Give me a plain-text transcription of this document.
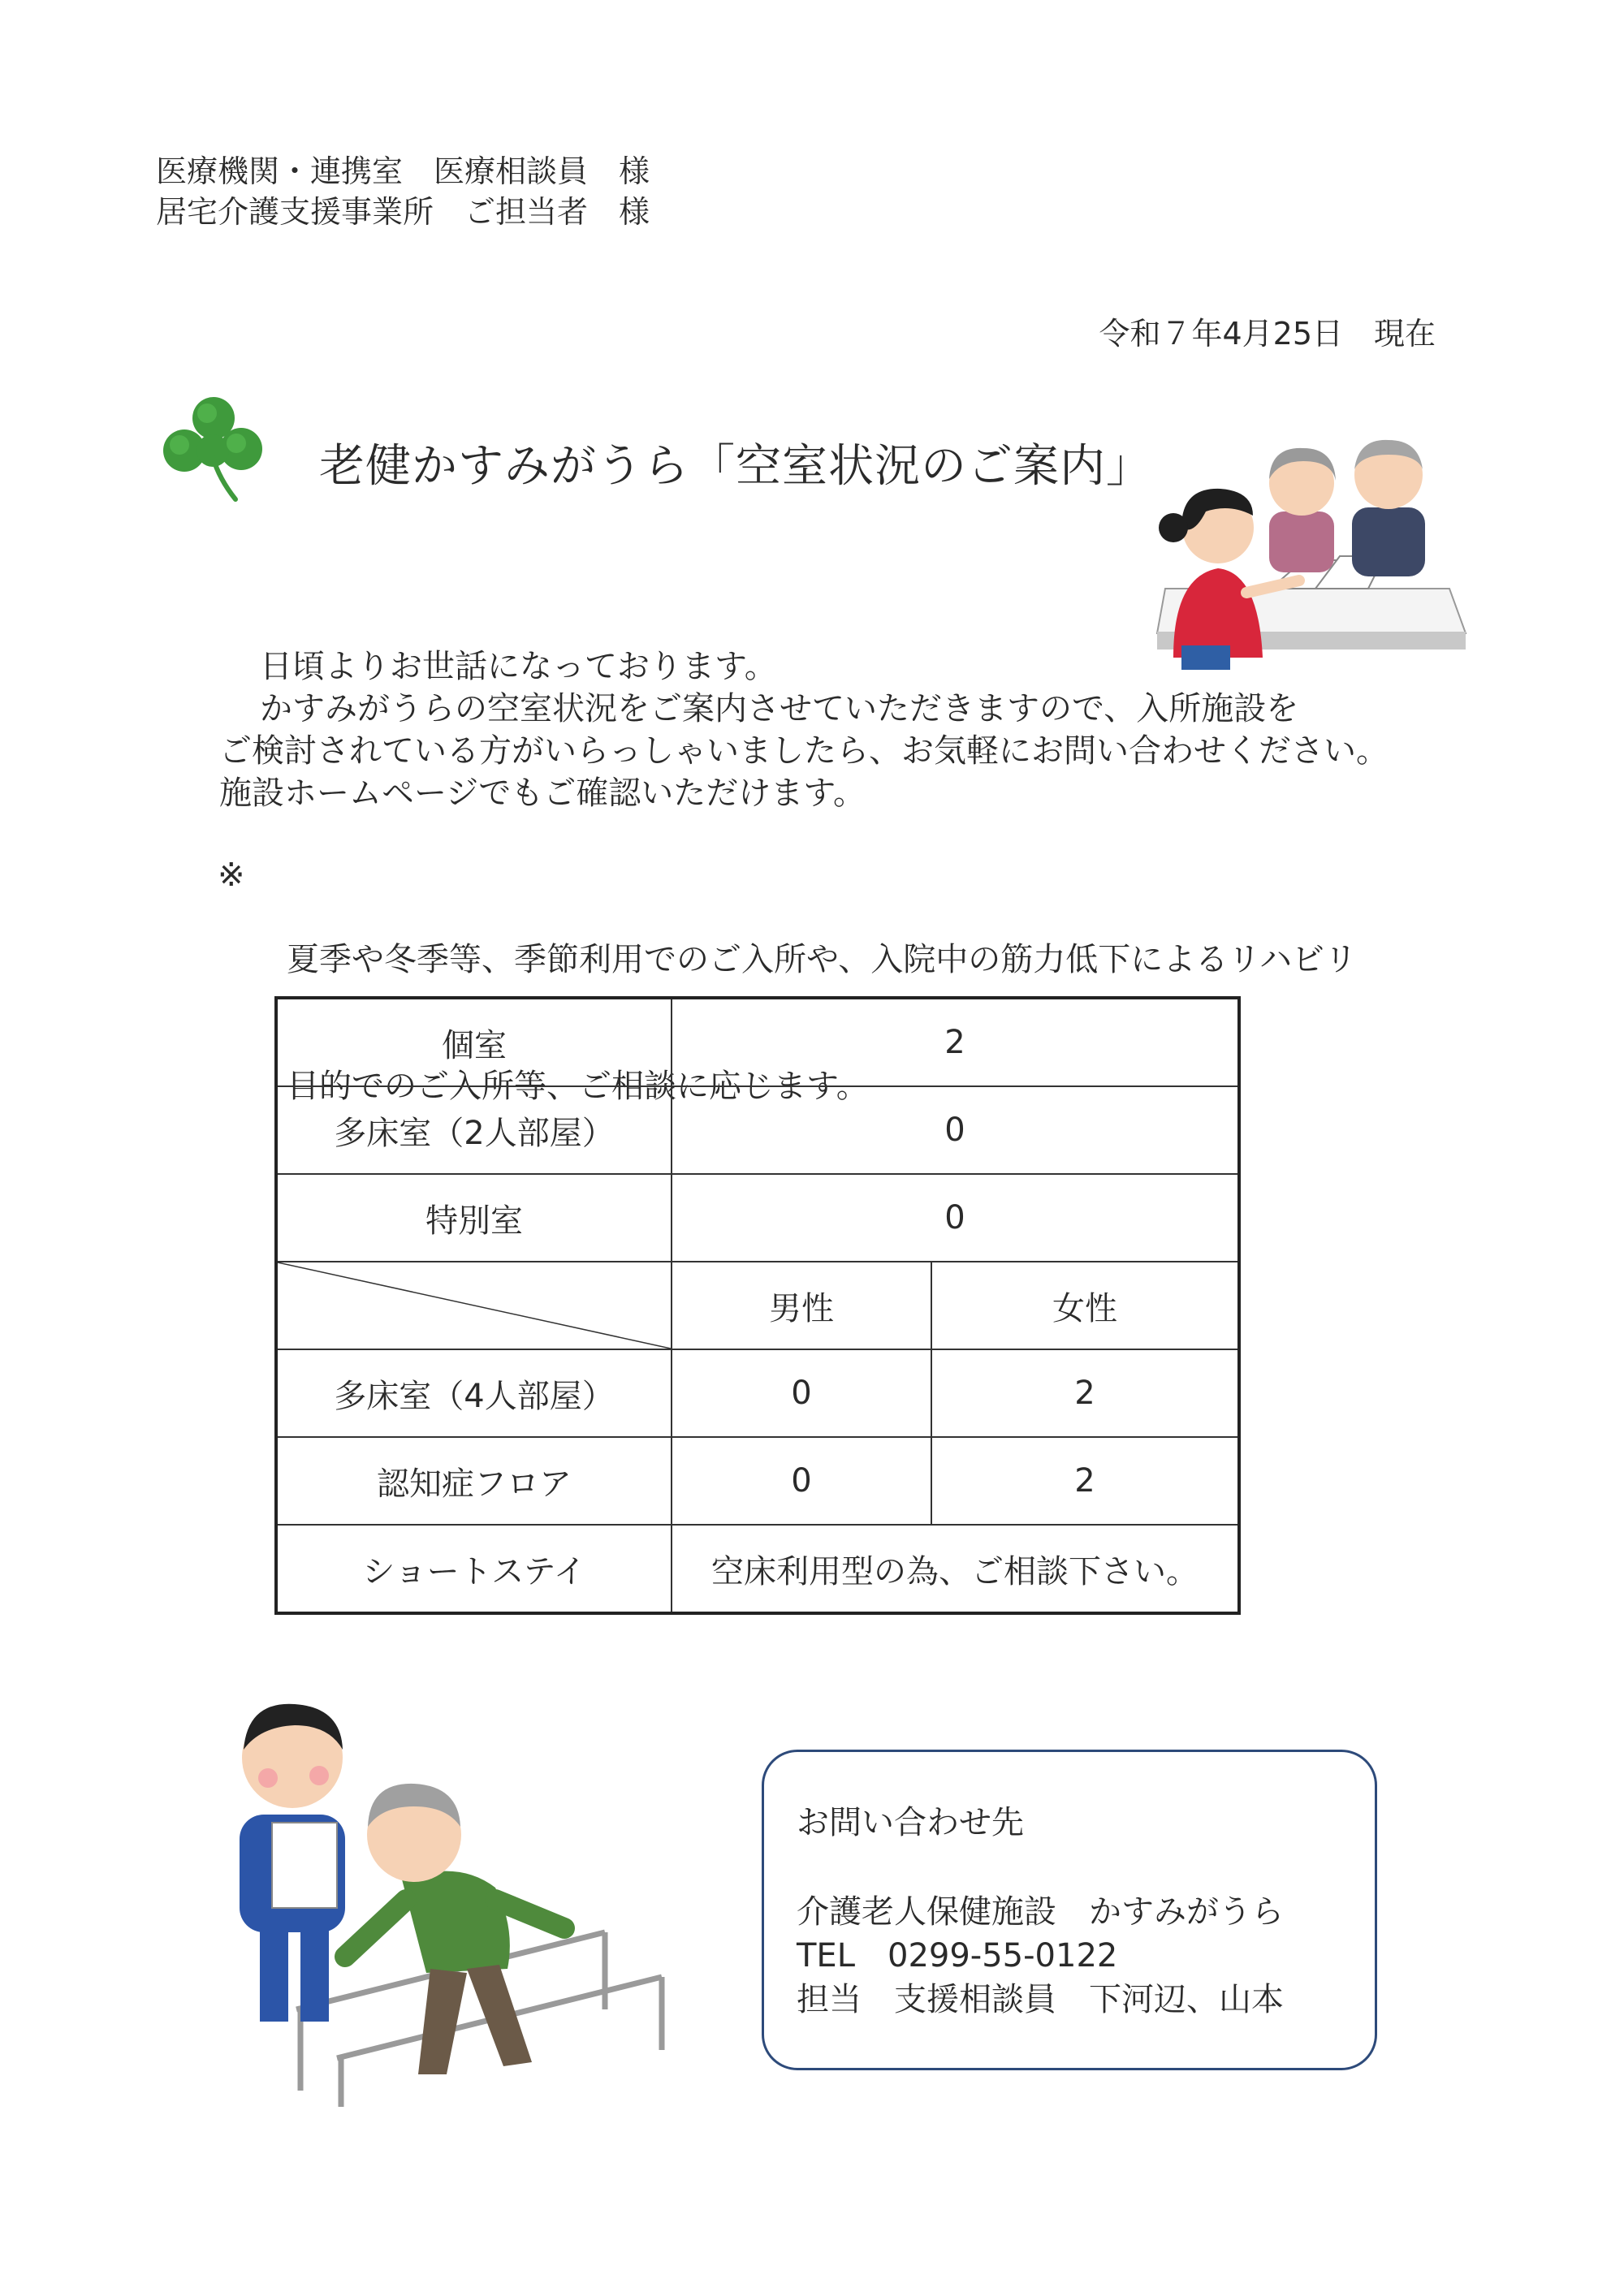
医療機関・連携室　医療相談員　様
居宅介護支援事業所　ご担当者　様
令和７年4月25日　現在
老健かすみがうら「空室状況のご案内」
日頃よりお世話になっております。
かすみがうらの空室状況をご案内させていただきますので、入所施設を
ご検討されている方がいらっしゃいましたら、お気軽にお問い合わせください。
施設ホームページでもご確認いただけます。
※

夏季や冬季等、季節利用でのご入所や、入院中の筋力低下によるリハビリ

目的でのご入所等、ご相談に応じます。

個室	2	
多床室（2人部屋）	0	
特別室	0	

	男性	女性
多床室（4人部屋）	0	2
認知症フロア	0	2
ショートステイ	空床利用型の為、ご相談下さい。	
お問い合わせ先
介護老人保健施設　かすみがうら
TEL　0299-55-0122
担当　支援相談員　下河辺、山本
